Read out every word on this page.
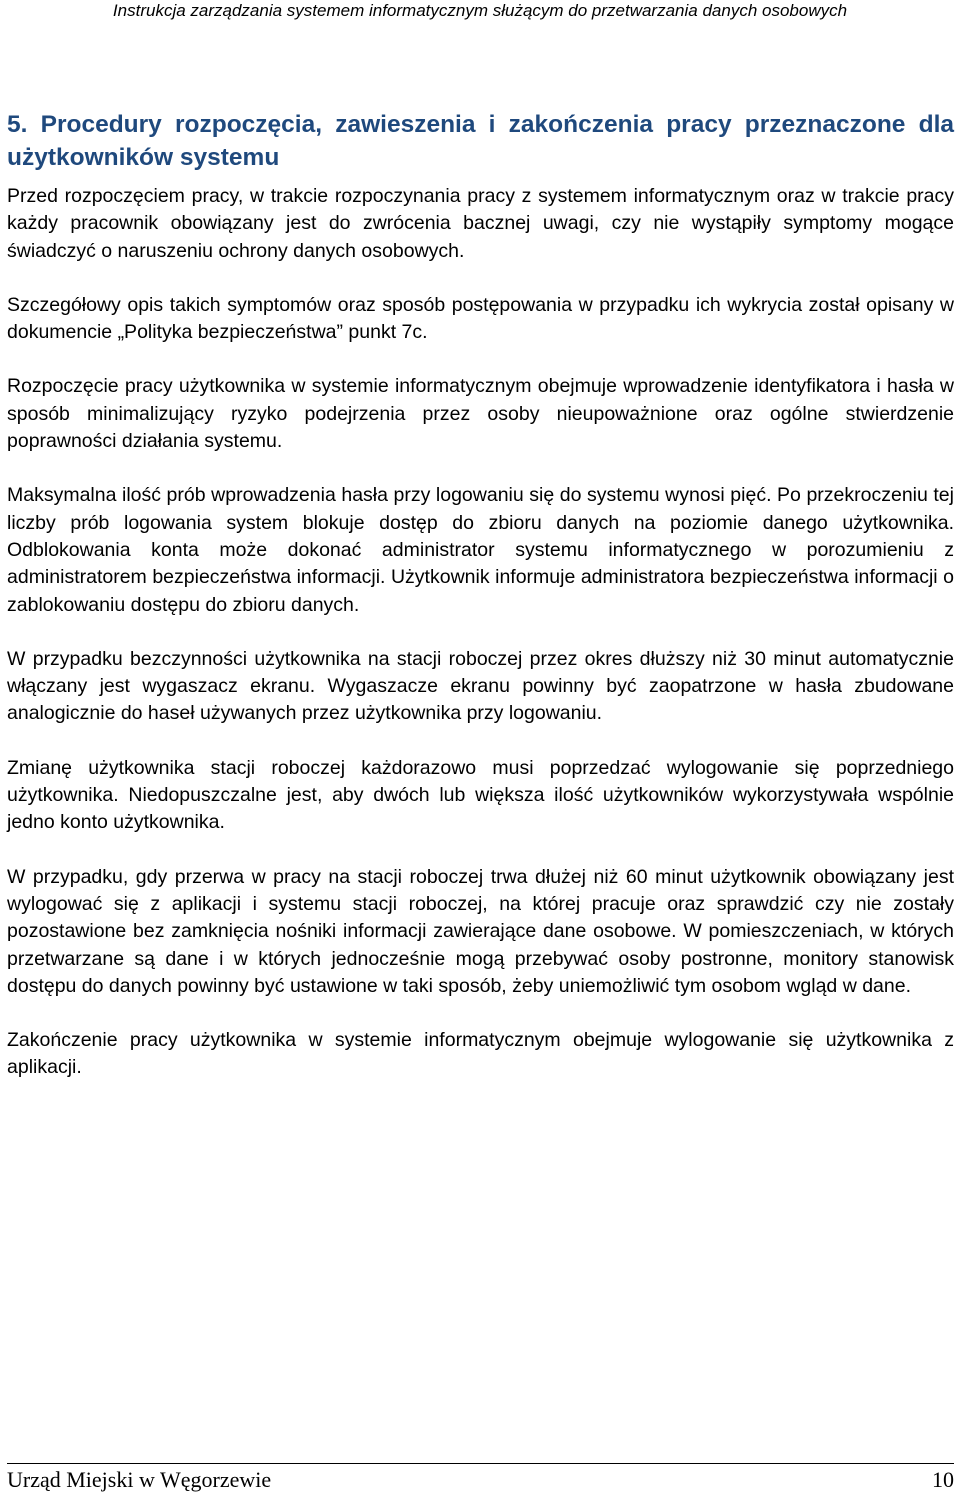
Instrukcja zarządzania systemem informatycznym służącym do przetwarzania danych osobowych
5. Procedury rozpoczęcia, zawieszenia i zakończenia pracy przeznaczone dla użytkowników systemu

Przed rozpoczęciem pracy, w trakcie rozpoczynania pracy z systemem informatycznym oraz w trakcie pracy każdy pracownik obowiązany jest do zwrócenia bacznej uwagi, czy nie wystąpiły symptomy mogące świadczyć o naruszeniu ochrony danych osobowych.

Szczegółowy opis takich symptomów oraz sposób postępowania w przypadku ich wykrycia został opisany w dokumencie „Polityka bezpieczeństwa” punkt 7c.

Rozpoczęcie pracy użytkownika w systemie informatycznym obejmuje wprowadzenie identyfikatora i hasła w sposób minimalizujący ryzyko podejrzenia przez osoby nieupoważnione oraz ogólne stwierdzenie poprawności działania systemu.

Maksymalna ilość prób wprowadzenia hasła przy logowaniu się do systemu wynosi pięć. Po przekroczeniu tej liczby prób logowania system blokuje dostęp do zbioru danych na poziomie danego użytkownika. Odblokowania konta może dokonać administrator systemu informatycznego w porozumieniu z administratorem bezpieczeństwa informacji. Użytkownik informuje administratora bezpieczeństwa informacji o zablokowaniu dostępu do zbioru danych.

W przypadku bezczynności użytkownika na stacji roboczej przez okres dłuższy niż 30 minut automatycznie włączany jest wygaszacz ekranu. Wygaszacze ekranu powinny być zaopatrzone w hasła zbudowane analogicznie do haseł używanych przez użytkownika przy logowaniu.

Zmianę użytkownika stacji roboczej każdorazowo musi poprzedzać wylogowanie się poprzedniego użytkownika. Niedopuszczalne jest, aby dwóch lub większa ilość użytkowników wykorzystywała wspólnie jedno konto użytkownika.

W przypadku, gdy przerwa w pracy na stacji roboczej trwa dłużej niż 60 minut użytkownik obowiązany jest wylogować się z aplikacji i systemu stacji roboczej, na której pracuje oraz sprawdzić czy nie zostały pozostawione bez zamknięcia nośniki informacji zawierające dane osobowe. W pomieszczeniach, w których przetwarzane są dane i w których jednocześnie mogą przebywać osoby postronne, monitory stanowisk dostępu do danych powinny być ustawione w taki sposób, żeby uniemożliwić tym osobom wgląd w dane.

Zakończenie pracy użytkownika w systemie informatycznym obejmuje wylogowanie się użytkownika z aplikacji.

Urząd Miejski w Węgorzewie	10
